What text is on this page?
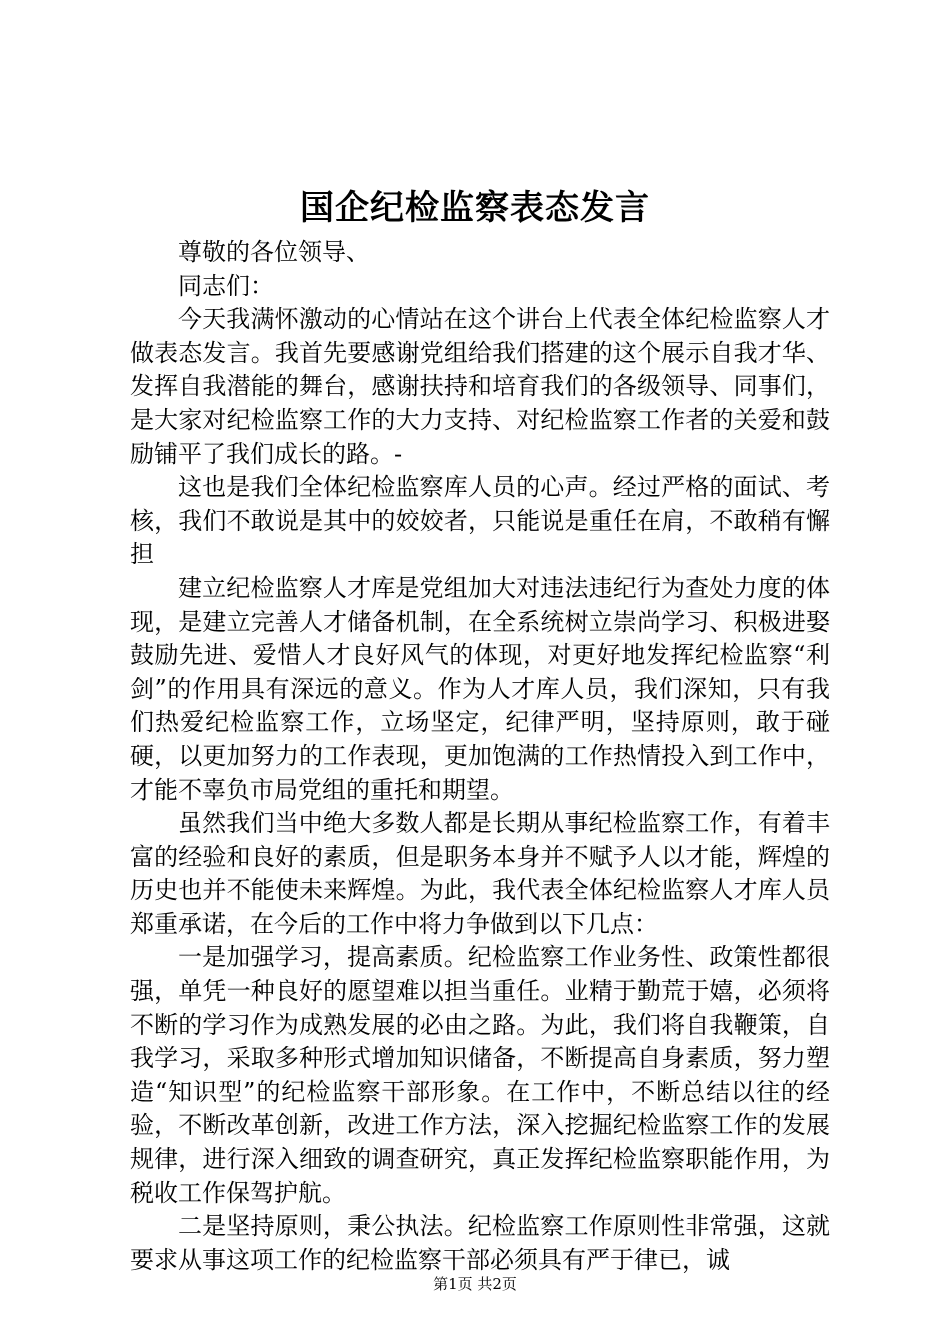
国企纪检监察表态发言

尊敬的各位领导、

同志们：

今天我满怀激动的心情站在这个讲台上代表全体纪检监察人才做表态发言。我首先要感谢党组给我们搭建的这个展示自我才华、发挥自我潜能的舞台，感谢扶持和培育我们的各级领导、同事们，是大家对纪检监察工作的大力支持、对纪检监察工作者的关爱和鼓励铺平了我们成长的路。-

这也是我们全体纪检监察库人员的心声。经过严格的面试、考核，我们不敢说是其中的姣姣者，只能说是重任在肩，不敢稍有懈担

建立纪检监察人才库是党组加大对违法违纪行为查处力度的体现，是建立完善人才储备机制，在全系统树立崇尚学习、积极进娶鼓励先进、爱惜人才良好风气的体现，对更好地发挥纪检监察“利剑”的作用具有深远的意义。作为人才库人员，我们深知，只有我们热爱纪检监察工作，立场坚定，纪律严明，坚持原则，敢于碰硬，以更加努力的工作表现，更加饱满的工作热情投入到工作中，才能不辜负市局党组的重托和期望。

虽然我们当中绝大多数人都是长期从事纪检监察工作，有着丰富的经验和良好的素质，但是职务本身并不赋予人以才能，辉煌的历史也并不能使未来辉煌。为此，我代表全体纪检监察人才库人员郑重承诺，在今后的工作中将力争做到以下几点：

一是加强学习，提高素质。纪检监察工作业务性、政策性都很强，单凭一种良好的愿望难以担当重任。业精于勤荒于嬉，必须将不断的学习作为成熟发展的必由之路。为此，我们将自我鞭策，自我学习，采取多种形式增加知识储备，不断提高自身素质，努力塑造“知识型”的纪检监察干部形象。在工作中，不断总结以往的经验，不断改革创新，改进工作方法，深入挖掘纪检监察工作的发展规律，进行深入细致的调查研究，真正发挥纪检监察职能作用，为税收工作保驾护航。

二是坚持原则，秉公执法。纪检监察工作原则性非常强，这就要求从事这项工作的纪检监察干部必须具有严于律已，诚

第1页 共2页
